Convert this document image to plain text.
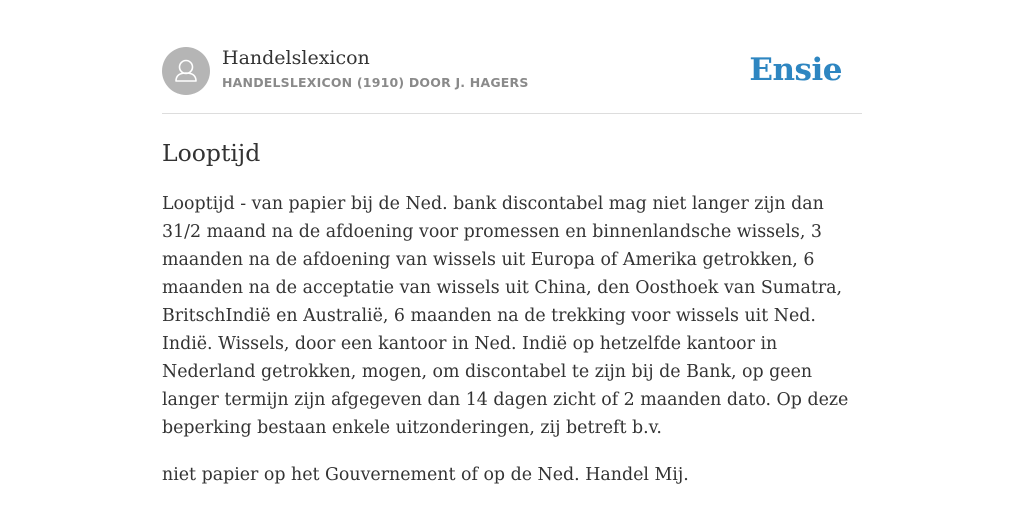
Handelslexicon
HANDELSLEXICON (1910) DOOR J. HAGERS	Ensie
Looptijd

Looptijd - van papier bij de Ned. bank discontabel mag niet langer zijn dan 31/2 maand na de afdoening voor promessen en binnenlandsche wissels, 3 maanden na de afdoening van wissels uit Europa of Amerika getrokken, 6 maanden na de acceptatie van wissels uit China, den Oosthoek van Sumatra, BritschIndië en Australië, 6 maanden na de trekking voor wissels uit Ned. Indië. Wissels, door een kantoor in Ned. Indië op hetzelfde kantoor in Nederland getrokken, mogen, om discontabel te zijn bij de Bank, op geen langer termijn zijn afgegeven dan 14 dagen zicht of 2 maanden dato. Op deze beperking bestaan enkele uitzonderingen, zij betreft b.v.

niet papier op het Gouvernement of op de Ned. Handel Mij.
